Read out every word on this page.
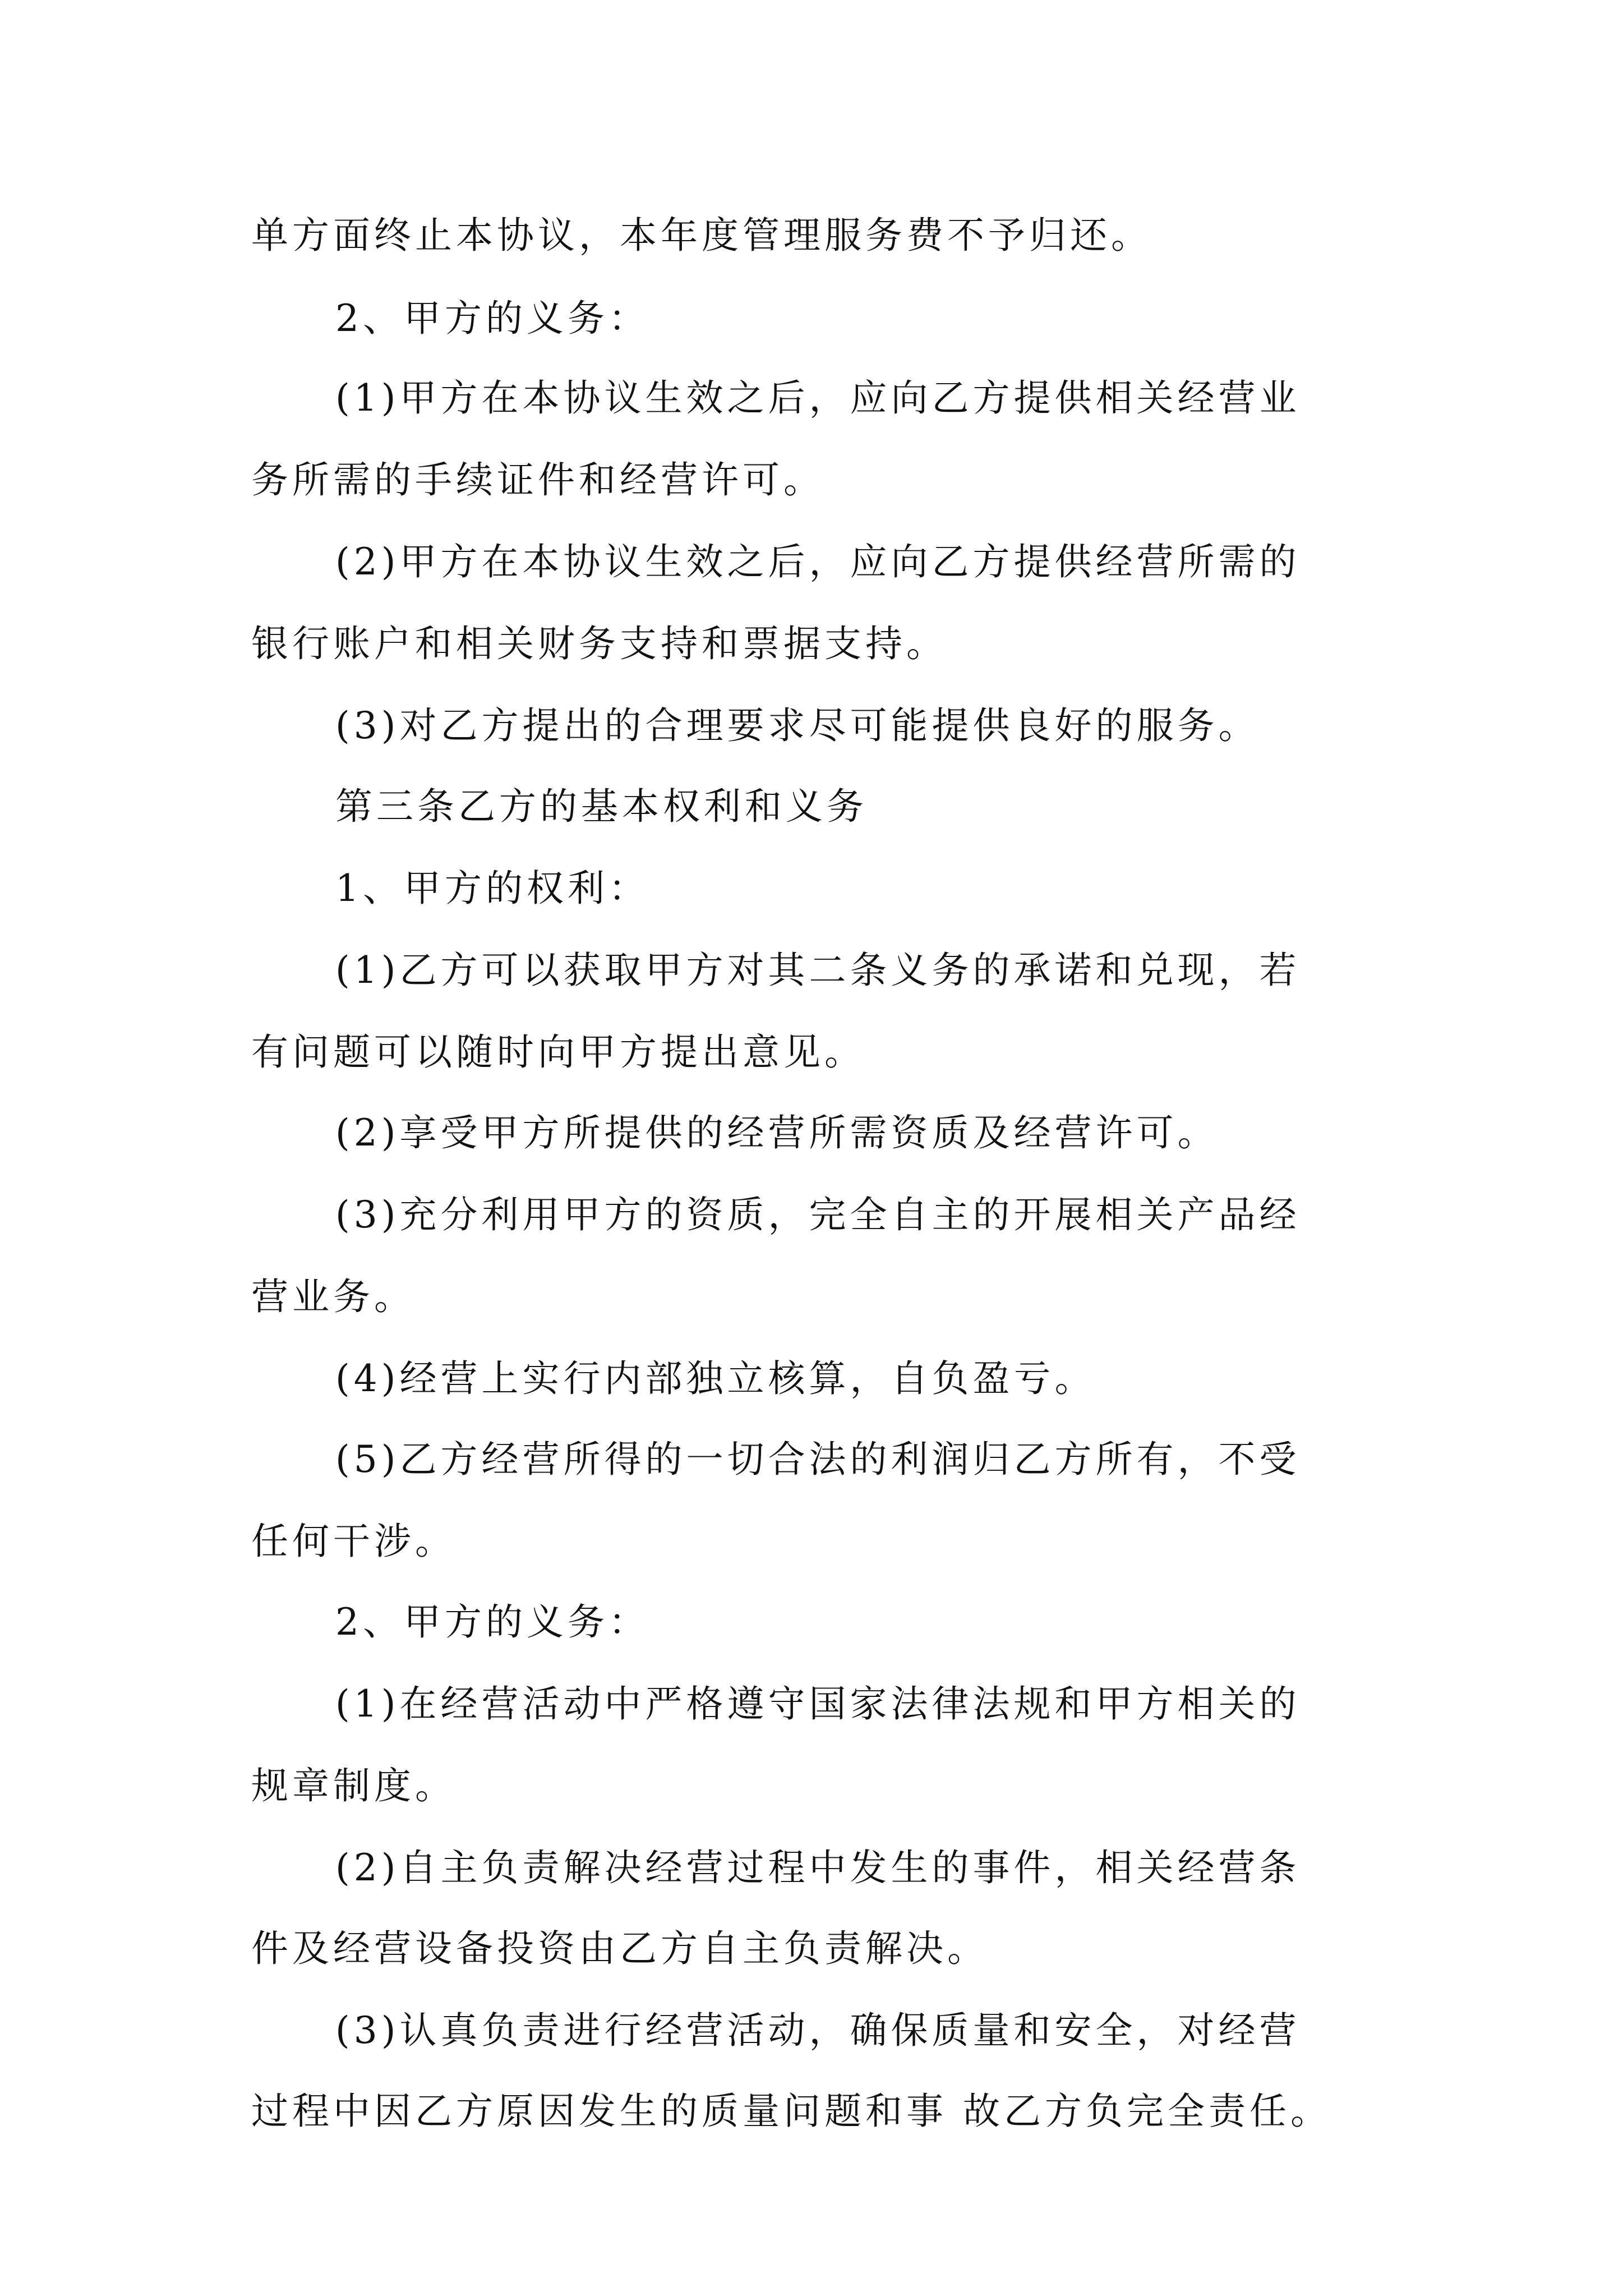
单方面终止本协议，本年度管理服务费不予归还。
2、甲方的义务：
(1)甲方在本协议生效之后，应向乙方提供相关经营业
务所需的手续证件和经营许可。
(2)甲方在本协议生效之后，应向乙方提供经营所需的
银行账户和相关财务支持和票据支持。
(3)对乙方提出的合理要求尽可能提供良好的服务。
第三条乙方的基本权利和义务
1、甲方的权利：
(1)乙方可以获取甲方对其二条义务的承诺和兑现，若
有问题可以随时向甲方提出意见。
(2)享受甲方所提供的经营所需资质及经营许可。
(3)充分利用甲方的资质，完全自主的开展相关产品经
营业务。
(4)经营上实行内部独立核算，自负盈亏。
(5)乙方经营所得的一切合法的利润归乙方所有，不受
任何干涉。
2、甲方的义务：
(1)在经营活动中严格遵守国家法律法规和甲方相关的
规章制度。
(2)自主负责解决经营过程中发生的事件，相关经营条
件及经营设备投资由乙方自主负责解决。
(3)认真负责进行经营活动，确保质量和安全，对经营
过程中因乙方原因发生的质量问题和事 故乙方负完全责任。
